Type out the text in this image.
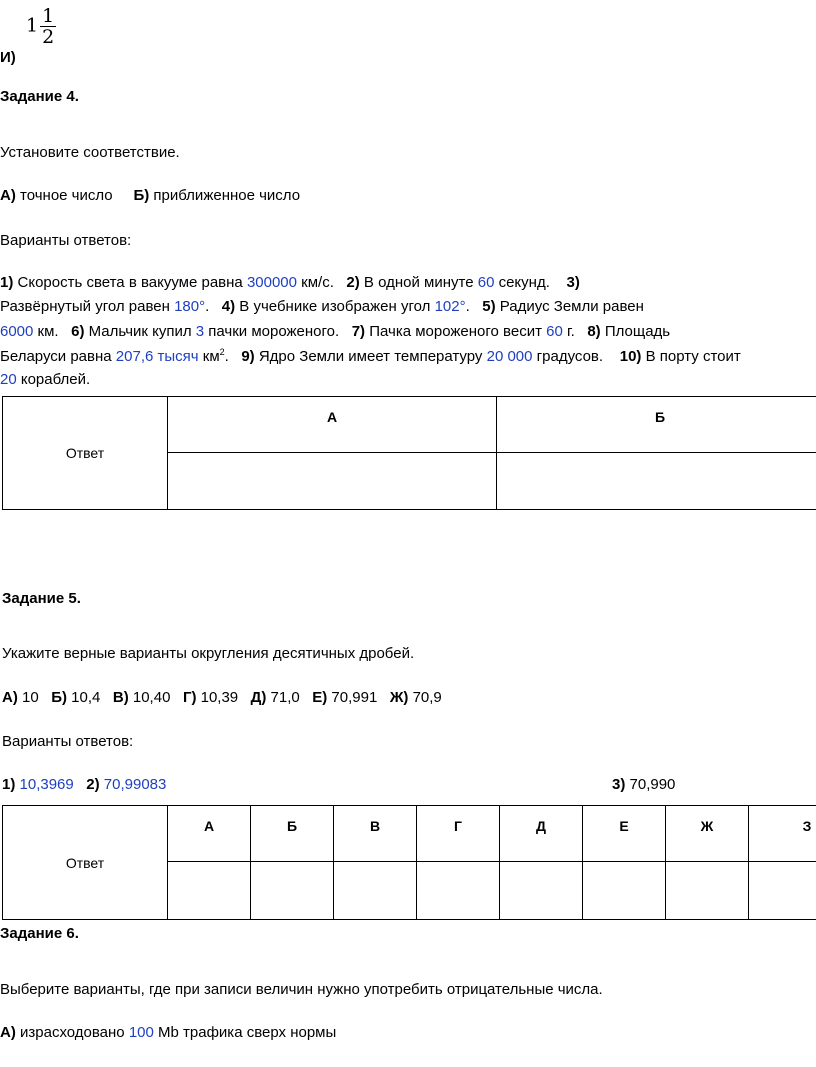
$1 \frac{1}{2}$
И)
Задание 4.
Установите соответствие.
А) точное число Б) приближенное число
Варианты ответов:
1) Скорость света в вакууме равна 300000 км/с. 2) В одной минуте 60 секунд. 3)
Развёрнутый угол равен 180°.   4) В учебнике изображен угол 102°.   5) Радиус Земли равен
6000 км. 6) Мальчик купил 3 пачки мороженого. 7) Пачка мороженого весит 60 г. 8) Площадь
Беларуси равна 207,6 тысяч $км^2$.   9) Ядро Земли имеет температуру 20 000 градусов. 10) В порту стоит
20 кораблей.
Ответ	А	Б

Задание 5.
Укажите верные варианты округления десятичных дробей.
А) 10 Б) 10,4 В) 10,40 Г) 10,39 Д) 71,0 Е) 70,991 Ж) 70,9
Варианты ответов:
1) 10,3969 2) 70,99083	3) 70,990
Ответ	А	Б	В	Г	Д	Е	Ж	З

Задание 6.
Выберите варианты, где при записи величин нужно употребить отрицательные числа.
А) израсходовано 100 Mb трафика сверх нормы
